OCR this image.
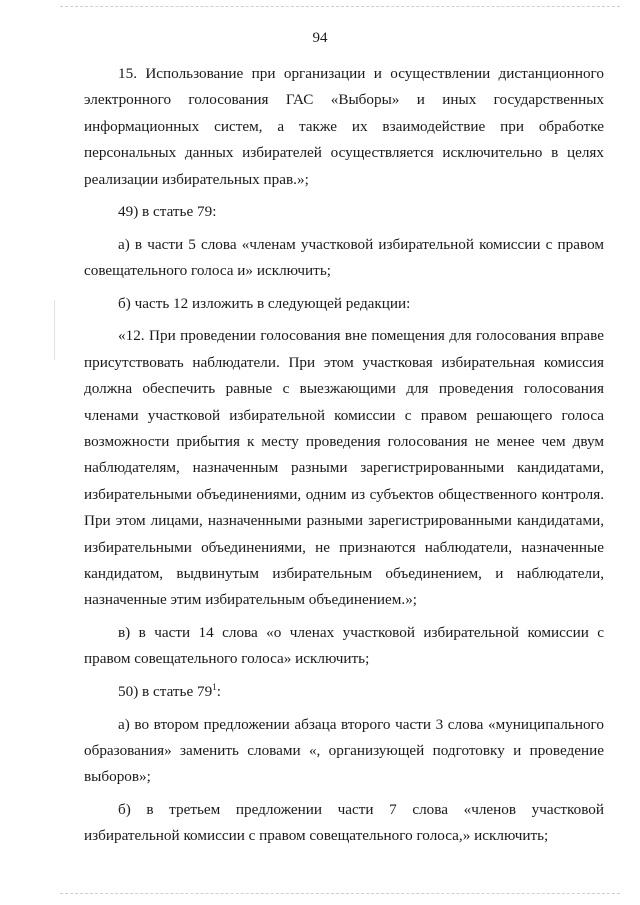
94

15. Использование при организации и осуществлении дистанционного электронного голосования ГАС «Выборы» и иных государственных информационных систем, а также их взаимодействие при обработке персональных данных избирателей осуществляется исключительно в целях реализации избирательных прав.»;

49) в статье 79:

а) в части 5 слова «членам участковой избирательной комиссии с правом совещательного голоса и» исключить;

б) часть 12 изложить в следующей редакции:

«12. При проведении голосования вне помещения для голосования вправе присутствовать наблюдатели. При этом участковая избирательная комиссия должна обеспечить равные с выезжающими для проведения голосования членами участковой избирательной комиссии с правом решающего голоса возможности прибытия к месту проведения голосования не менее чем двум наблюдателям, назначенным разными зарегистрированными кандидатами, избирательными объединениями, одним из субъектов общественного контроля. При этом лицами, назначенными разными зарегистрированными кандидатами, избирательными объединениями, не признаются наблюдатели, назначенные кандидатом, выдвинутым избирательным объединением, и наблюдатели, назначенные этим избирательным объединением.»;

в) в части 14 слова «о членах участковой избирательной комиссии с правом совещательного голоса» исключить;

50) в статье $79^1$:

а) во втором предложении абзаца второго части 3 слова «муниципального образования» заменить словами «, организующей подготовку и проведение выборов»;

б) в третьем предложении части 7 слова «членов участковой избирательной комиссии с правом совещательного голоса,» исключить;
